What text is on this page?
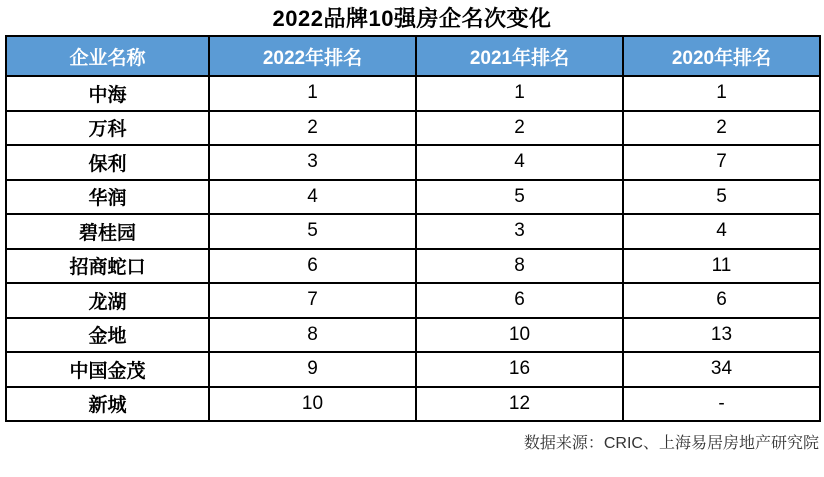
2022品牌10强房企名次变化
企业名称	2022年排名	2021年排名	2020年排名
中海	1	1	1
万科	2	2	2
保利	3	4	7
华润	4	5	5
碧桂园	5	3	4
招商蛇口	6	8	11
龙湖	7	6	6
金地	8	10	13
中国金茂	9	16	34
新城	10	12	-
数据来源：CRIC、上海易居房地产研究院
